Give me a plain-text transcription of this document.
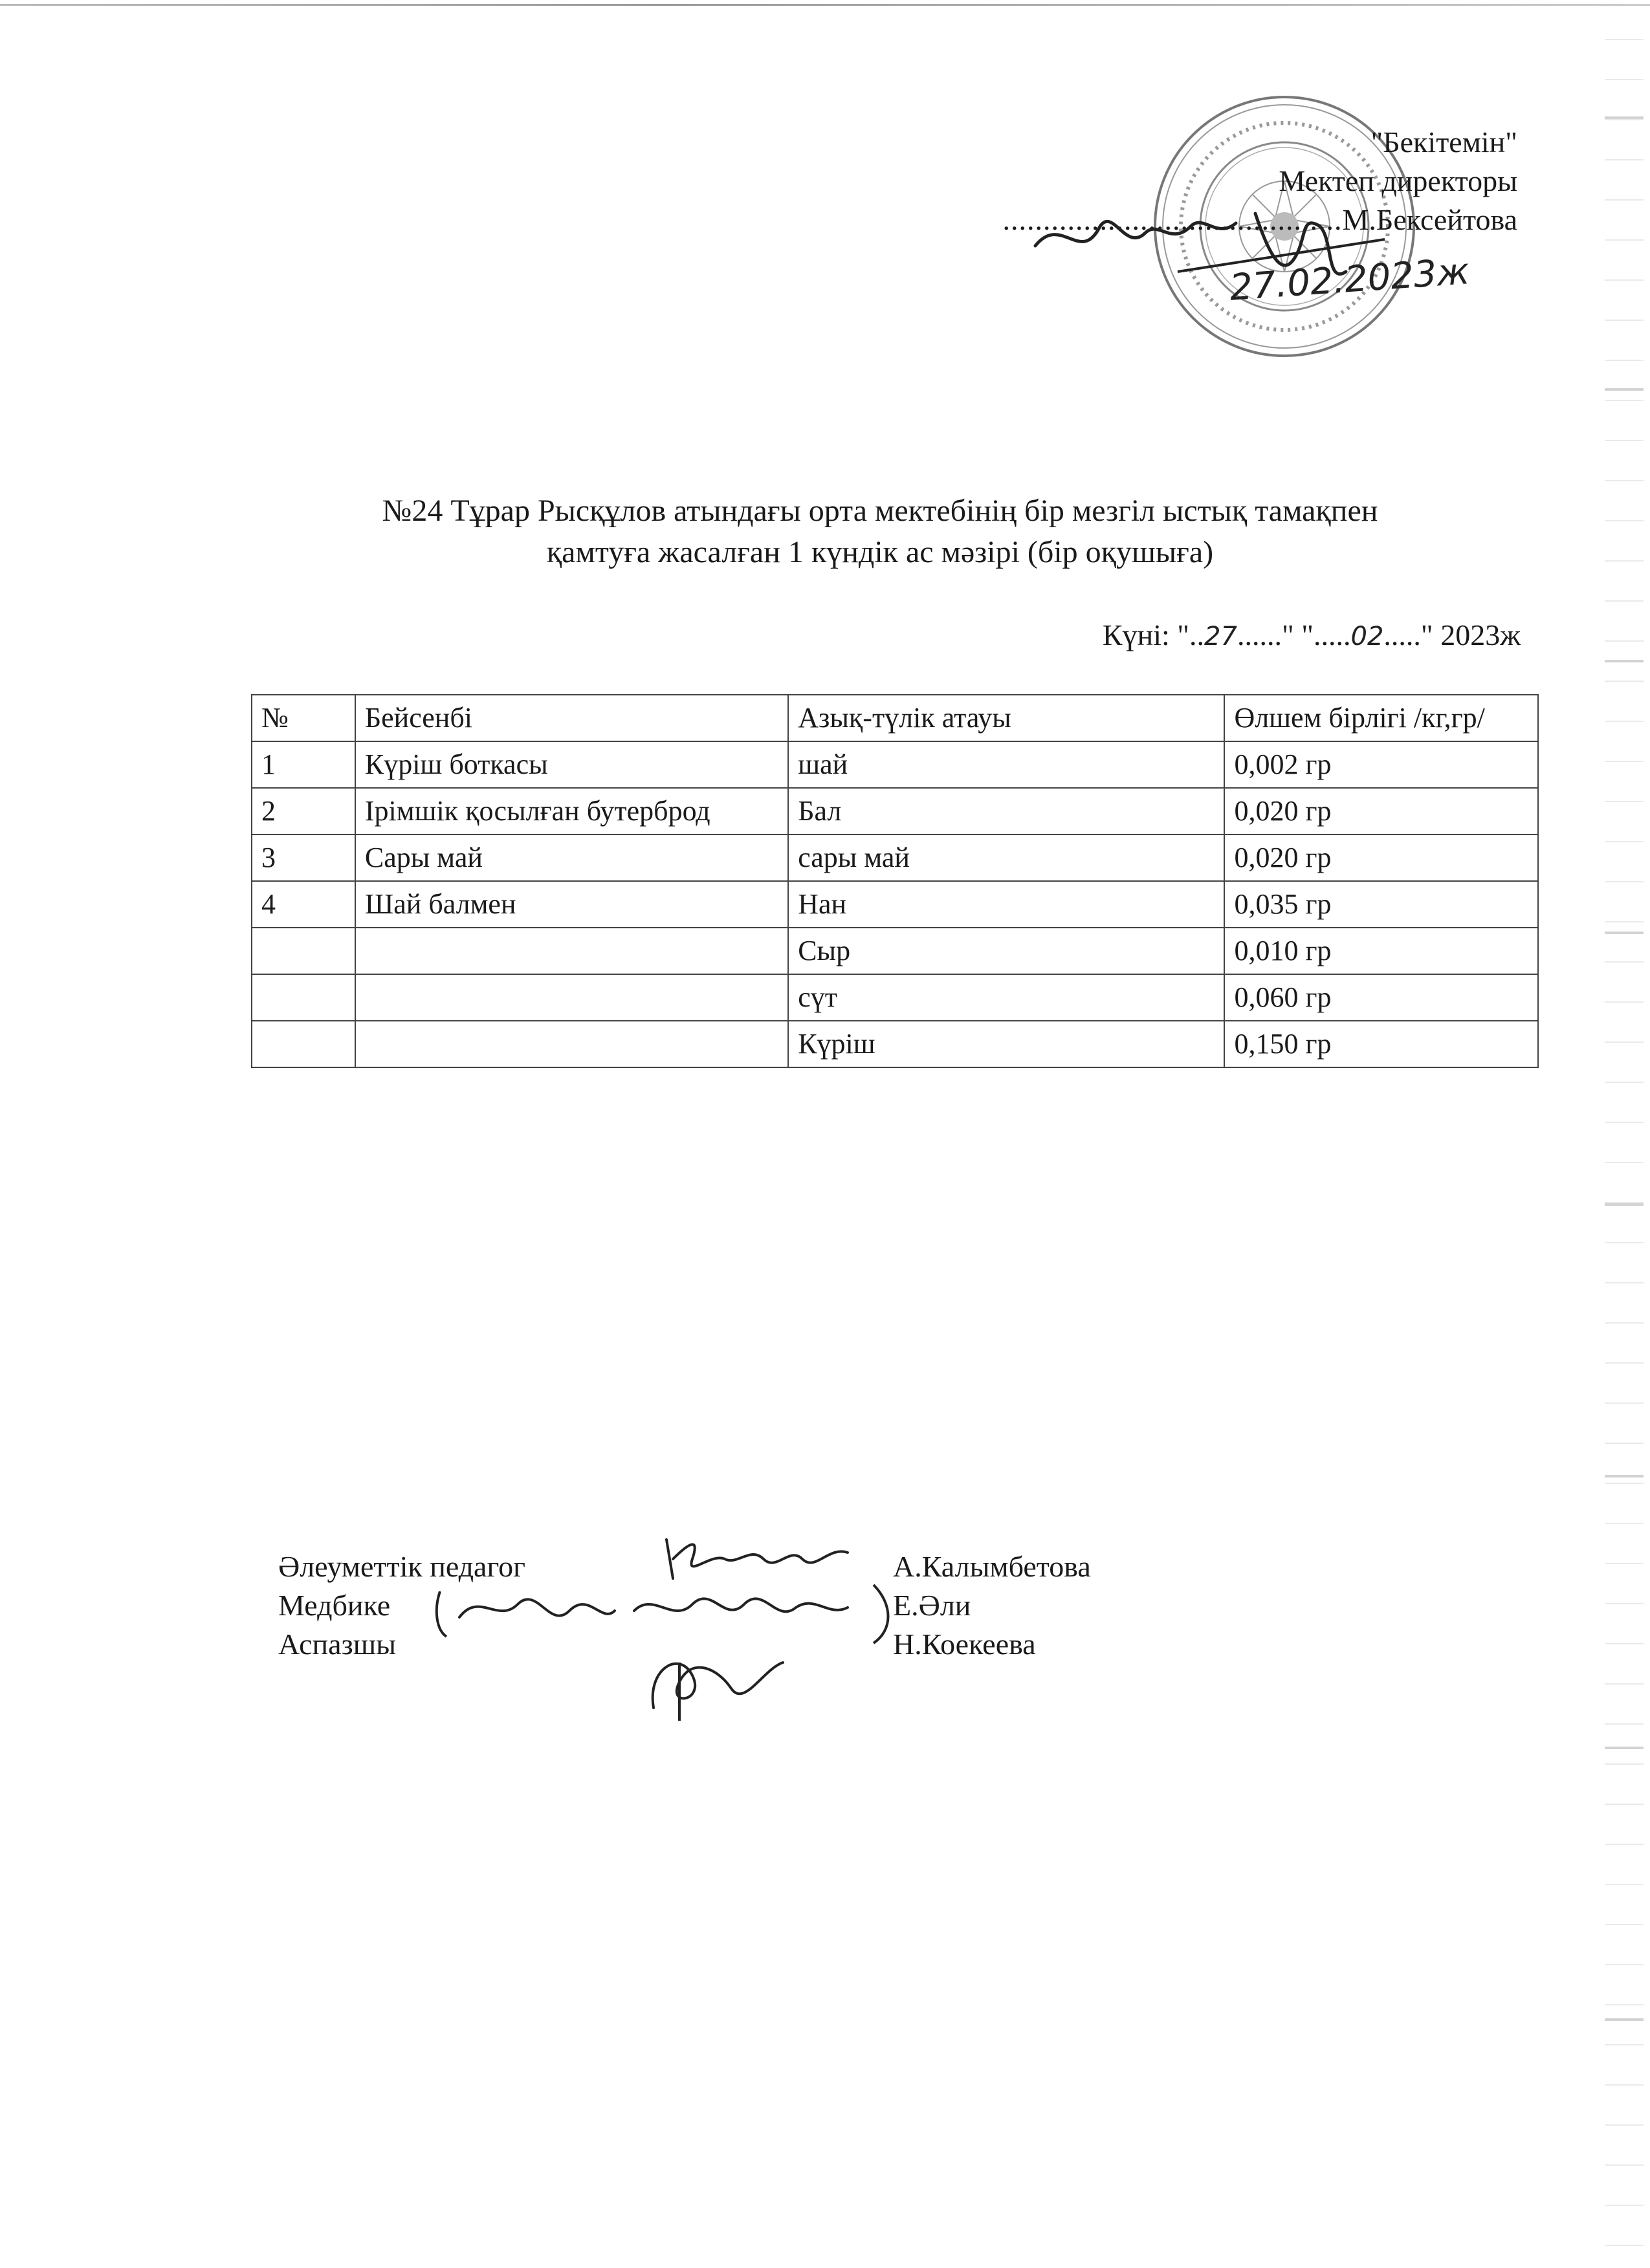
"Бекітемін"
Мектеп директоры
..........................................М.Бексейтова
27.02.2023ж
№24 Тұрар Рысқұлов атындағы орта мектебінің бір мезгіл ыстық тамақпен
қамтуға жасалған 1 күндік ас мәзірі (бір оқушыға)
Күні: "..27......" ".....02....." 2023ж
№	Бейсенбі	Азық-түлік атауы	Өлшем бірлігі /кг,гр/
1	Күріш боткасы	шай	0,002 гр
2	Ірімшік қосылған бутерброд	Бал	0,020 гр
3	Сары май	сары май	0,020 гр
4	Шай балмен	Нан	0,035 гр
		Сыр	0,010 гр
		сүт	0,060 гр
		Күріш	0,150 гр
Әлеуметтік педагог	А.Калымбетова
Медбике	Е.Әли
Аспазшы	Н.Коекеева
